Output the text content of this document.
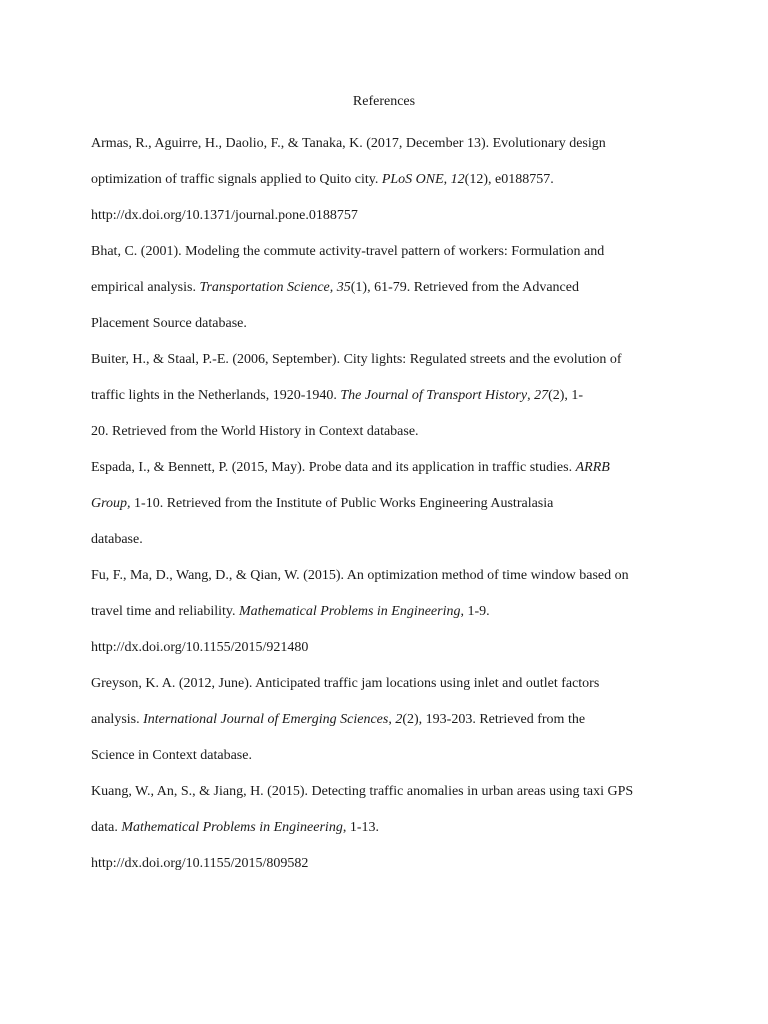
References
Armas, R., Aguirre, H., Daolio, F., & Tanaka, K. (2017, December 13). Evolutionary design
optimization of traffic signals applied to Quito city. PLoS ONE, 12(12), e0188757.
http://dx.doi.org/10.1371/journal.pone.0188757
Bhat, C. (2001). Modeling the commute activity-travel pattern of workers: Formulation and
empirical analysis. Transportation Science, 35(1), 61-79. Retrieved from the Advanced
Placement Source database.
Buiter, H., & Staal, P.-E. (2006, September). City lights: Regulated streets and the evolution of
traffic lights in the Netherlands, 1920-1940. The Journal of Transport History, 27(2), 1-
20. Retrieved from the World History in Context database.
Espada, I., & Bennett, P. (2015, May). Probe data and its application in traffic studies. ARRB
Group, 1-10. Retrieved from the Institute of Public Works Engineering Australasia
database.
Fu, F., Ma, D., Wang, D., & Qian, W. (2015). An optimization method of time window based on
travel time and reliability. Mathematical Problems in Engineering, 1-9.
http://dx.doi.org/10.1155/2015/921480
Greyson, K. A. (2012, June). Anticipated traffic jam locations using inlet and outlet factors
analysis. International Journal of Emerging Sciences, 2(2), 193-203. Retrieved from the
Science in Context database.
Kuang, W., An, S., & Jiang, H. (2015). Detecting traffic anomalies in urban areas using taxi GPS
data. Mathematical Problems in Engineering, 1-13.
http://dx.doi.org/10.1155/2015/809582
